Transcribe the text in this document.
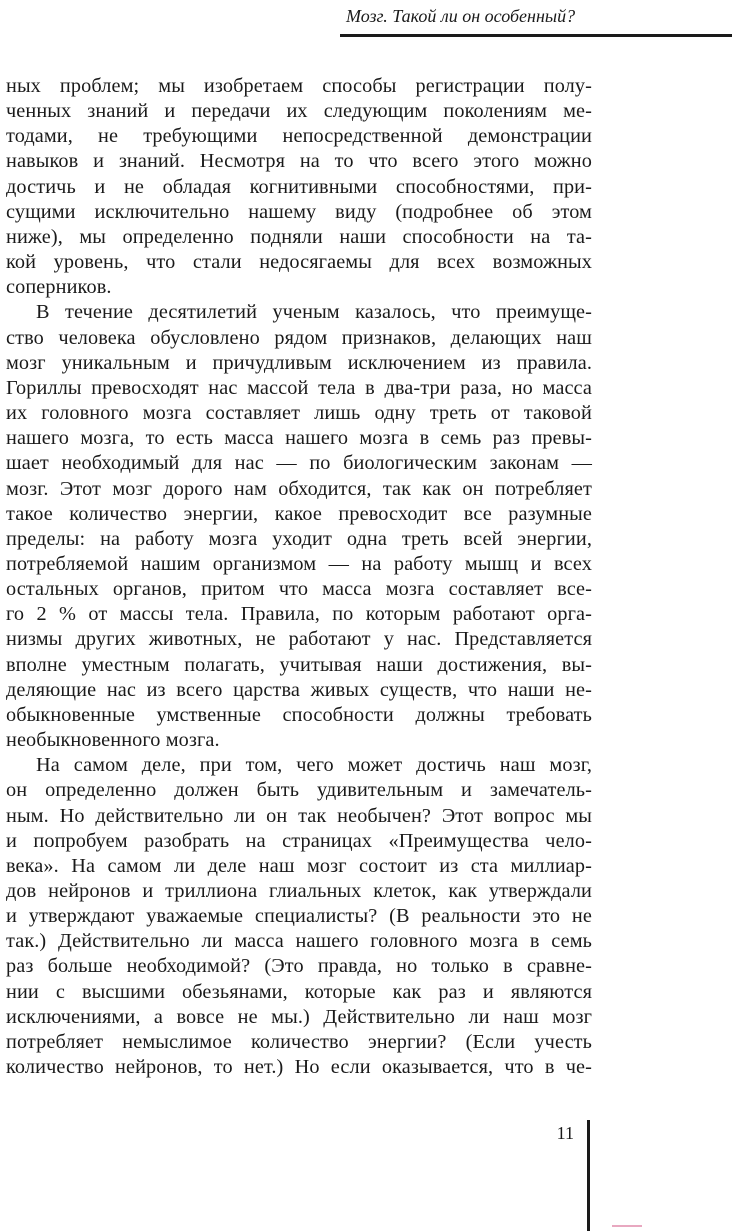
Мозг. Такой ли он особенный?
ных проблем; мы изобретаем способы регистрации полу-
ченных знаний и передачи их следующим поколениям ме-
тодами, не требующими непосредственной демонстрации
навыков и знаний. Несмотря на то что всего этого можно
достичь и не обладая когнитивными способностями, при-
сущими исключительно нашему виду (подробнее об этом
ниже), мы определенно подняли наши способности на та-
кой уровень, что стали недосягаемы для всех возможных
соперников.
В течение десятилетий ученым казалось, что преимуще-
ство человека обусловлено рядом признаков, делающих наш
мозг уникальным и причудливым исключением из правила.
Гориллы превосходят нас массой тела в два-три раза, но масса
их головного мозга составляет лишь одну треть от таковой
нашего мозга, то есть масса нашего мозга в семь раз превы-
шает необходимый для нас — по биологическим законам —
мозг. Этот мозг дорого нам обходится, так как он потребляет
такое количество энергии, какое превосходит все разумные
пределы: на работу мозга уходит одна треть всей энергии,
потребляемой нашим организмом — на работу мышц и всех
остальных органов, притом что масса мозга составляет все-
го 2 % от массы тела. Правила, по которым работают орга-
низмы других животных, не работают у нас. Представляется
вполне уместным полагать, учитывая наши достижения, вы-
деляющие нас из всего царства живых существ, что наши не-
обыкновенные умственные способности должны требовать
необыкновенного мозга.
На самом деле, при том, чего может достичь наш мозг,
он определенно должен быть удивительным и замечатель-
ным. Но действительно ли он так необычен? Этот вопрос мы
и попробуем разобрать на страницах «Преимущества чело-
века». На самом ли деле наш мозг состоит из ста миллиар-
дов нейронов и триллиона глиальных клеток, как утверждали
и утверждают уважаемые специалисты? (В реальности это не
так.) Действительно ли масса нашего головного мозга в семь
раз больше необходимой? (Это правда, но только в сравне-
нии с высшими обезьянами, которые как раз и являются
исключениями, а вовсе не мы.) Действительно ли наш мозг
потребляет немыслимое количество энергии? (Если учесть
количество нейронов, то нет.) Но если оказывается, что в че-
11
